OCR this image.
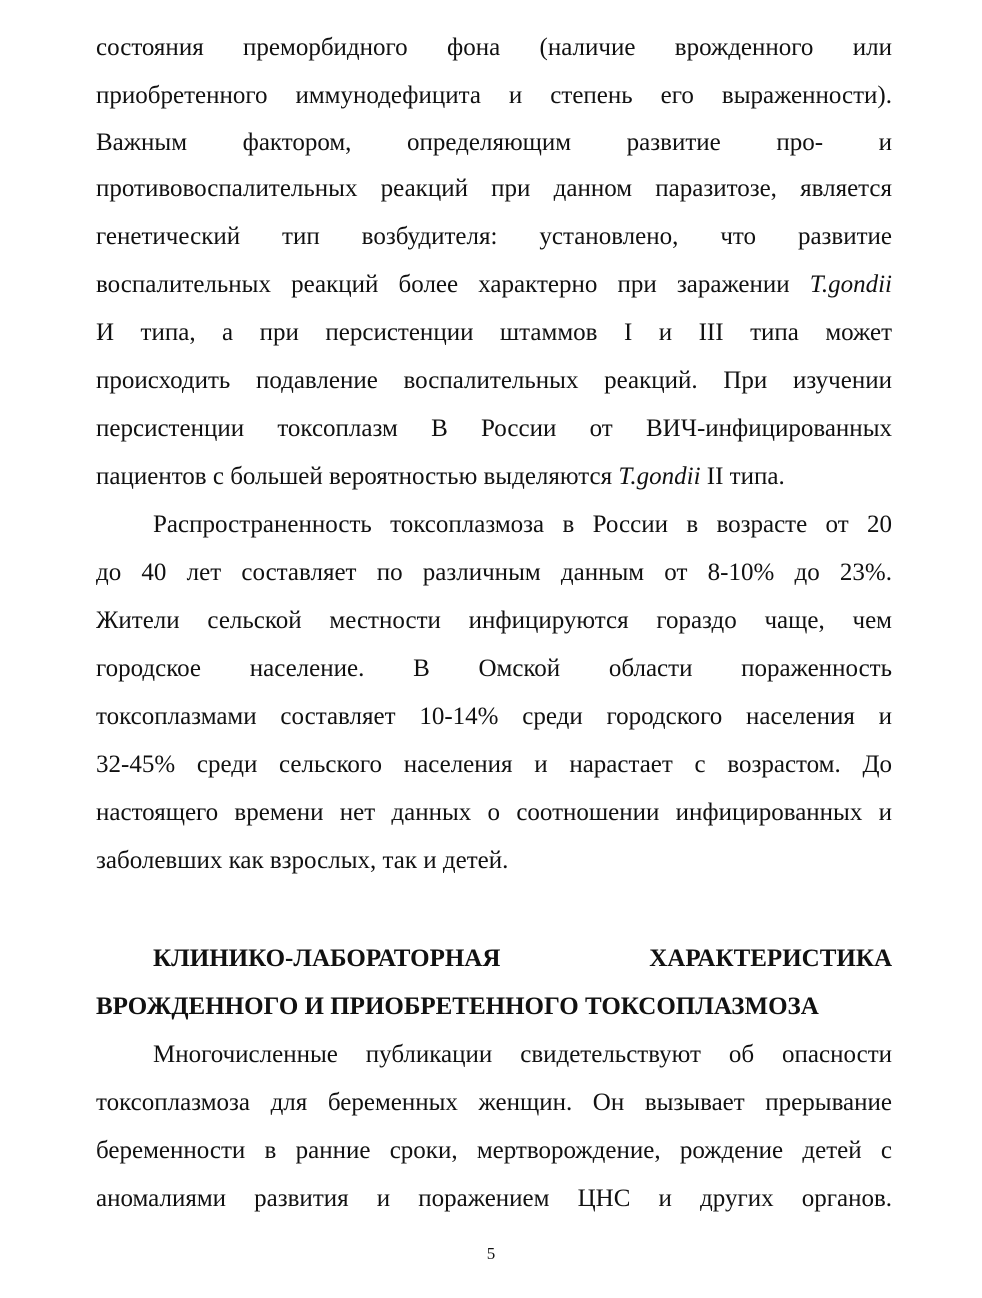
состояния преморбидного фона (наличие врожденного или
приобретенного иммунодефицита и степень его выраженности).
Важным фактором, определяющим развитие про- и
противовоспалительных реакций при данном паразитозе, является
генетический тип возбудителя: установлено, что развитие
воспалительных реакций более характерно при заражении T.gondii
И типа, а при персистенции штаммов I и III типа может
происходить подавление воспалительных реакций. При изучении
персистенции токсоплазм В России от ВИЧ-инфицированных
пациентов с большей вероятностью выделяются T.gondii II типа.
Распространенность токсоплазмоза в России в возрасте от 20
до 40 лет составляет по различным данным от 8-10% до 23%.
Жители сельской местности инфицируются гораздо чаще, чем
городское население. В Омской области пораженность
токсоплазмами составляет 10-14% среди городского населения и
32-45% среди сельского населения и нарастает с возрастом. До
настоящего времени нет данных о соотношении инфицированных и
заболевших как взрослых, так и детей.
КЛИНИКО-ЛАБОРАТОРНАЯ ХАРАКТЕРИСТИКА
ВРОЖДЕННОГО И ПРИОБРЕТЕННОГО ТОКСОПЛАЗМОЗА
Многочисленные публикации свидетельствуют об опасности
токсоплазмоза для беременных женщин. Он вызывает прерывание
беременности в ранние сроки, мертворождение, рождение детей с
аномалиями развития и поражением ЦНС и других органов.
5
